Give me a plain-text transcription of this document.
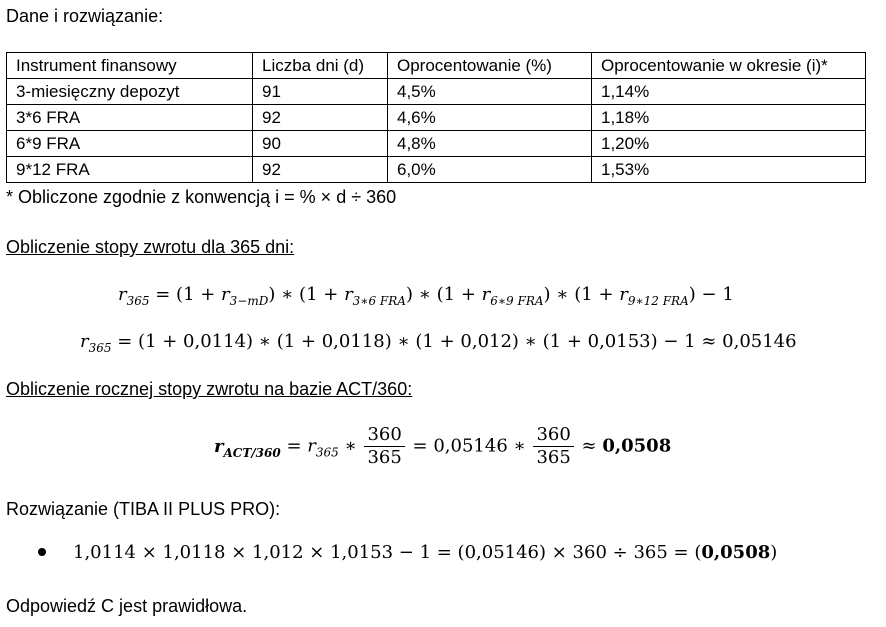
Dane i rozwiązanie:
Instrument finansowy	Liczba dni (d)	Oprocentowanie (%)	Oprocentowanie w okresie (i)*
3-miesięczny depozyt	91	4,5%	1,14%
3*6 FRA	92	4,6%	1,18%
6*9 FRA	90	4,8%	1,20%
9*12 FRA	92	6,0%	1,53%
* Obliczone zgodnie z konwencją i = % × d ÷ 360
Obliczenie stopy zwrotu dla 365 dni:
$r_{365} = (1 + r_{3-mD})$ ∗ $(1 + r_{3∗6 FRA})$ ∗ $(1 + r_{6∗9 FRA})$ ∗ $(1 + r_{9∗12 FRA}) - 1$
$r_{365} = (1 + 0,0114)$ ∗ (1 + 0,0118) ∗ (1 + 0,012) ∗ (1 + 0,0153) − 1 ≈ 0,05146
Obliczenie rocznej stopy zwrotu na bazie ACT/360:
$r_{ACT/360} = r_{365}$ ∗ $\frac{360}{365} = 0,05146$ ∗ $\frac{360}{365} \approx 0,0508$
Rozwiązanie (TIBA II PLUS PRO):
1,0114 × 1,0118 × 1,012 × 1,0153 − 1 = (0,05146) × 360 ÷ 365 = (0,0508)
Odpowiedź C jest prawidłowa.
